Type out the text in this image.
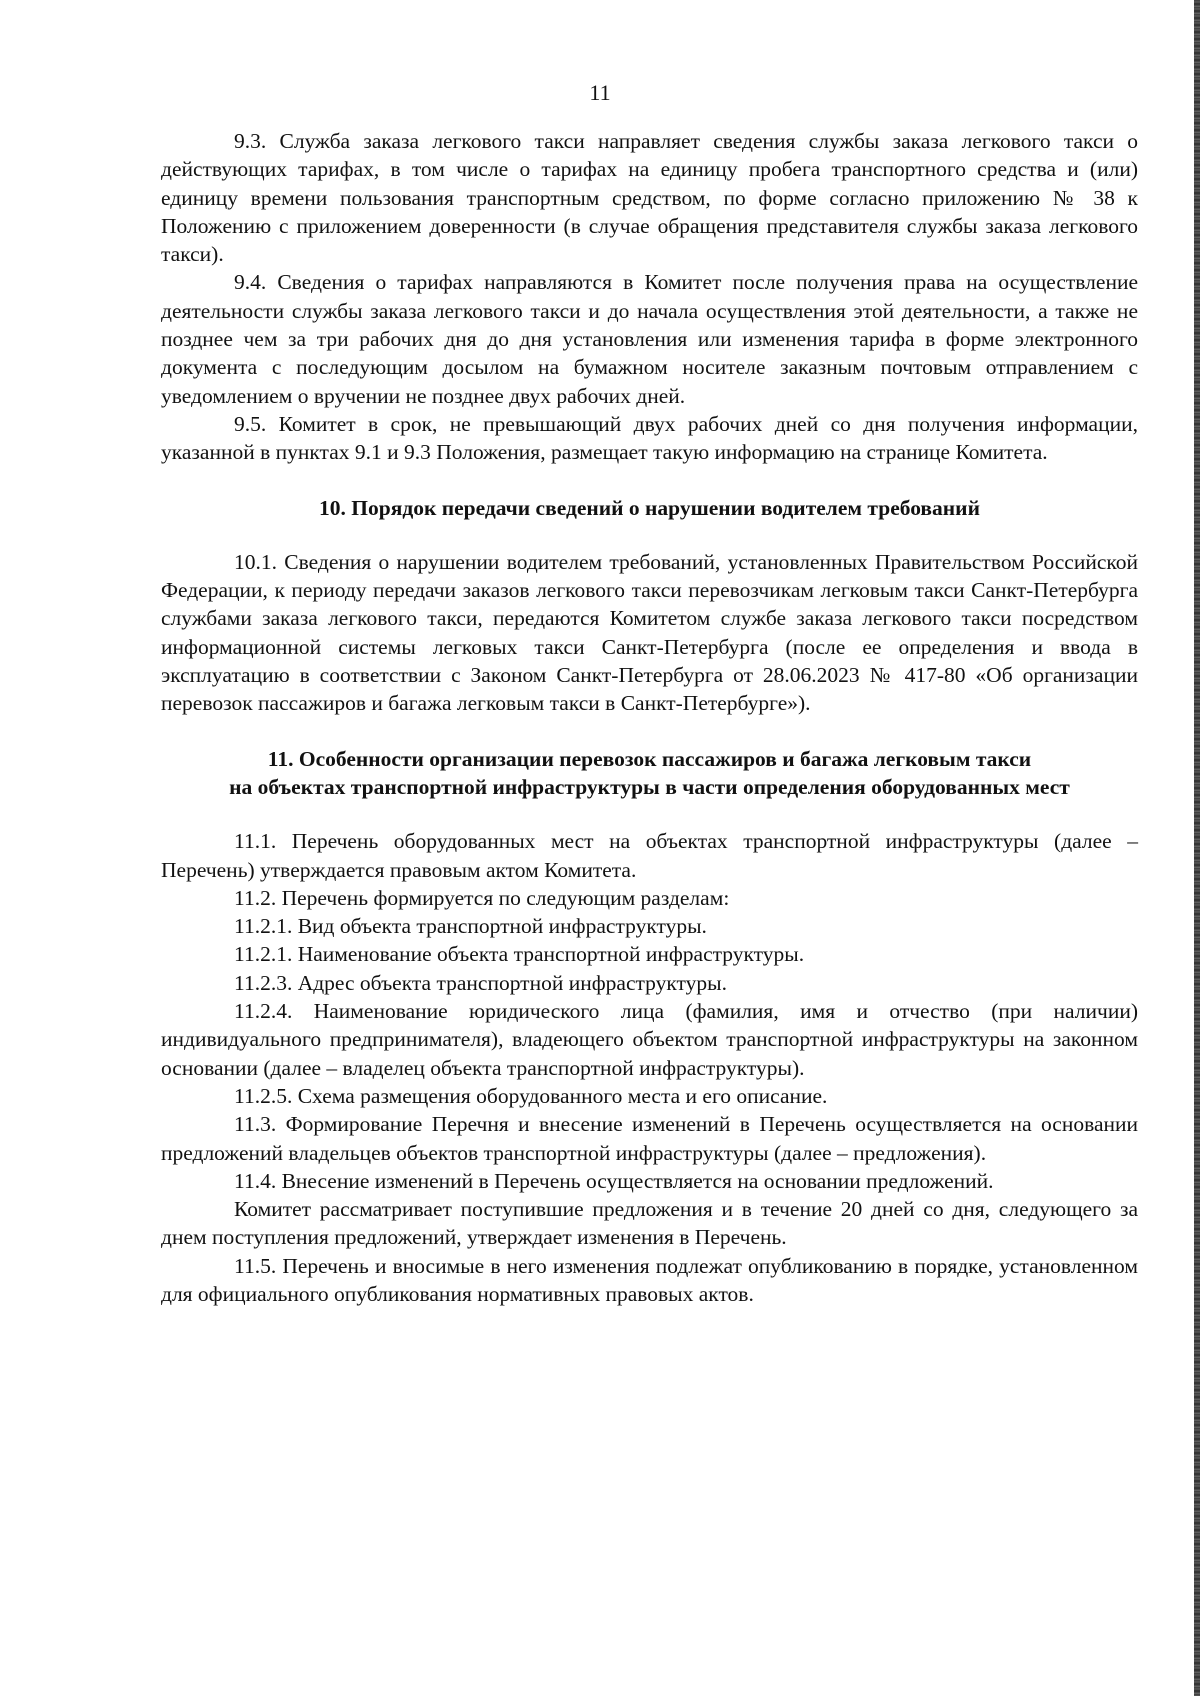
11

9.3. Служба заказа легкового такси направляет сведения службы заказа легкового такси о действующих тарифах, в том числе о тарифах на единицу пробега транспортного средства и (или) единицу времени пользования транспортным средством, по форме согласно приложению № 38 к Положению с приложением доверенности (в случае обращения представителя службы заказа легкового такси).

9.4. Сведения о тарифах направляются в Комитет после получения права на осуществление деятельности службы заказа легкового такси и до начала осуществления этой деятельности, а также не позднее чем за три рабочих дня до дня установления или изменения тарифа в форме электронного документа с последующим досылом на бумажном носителе заказным почтовым отправлением с уведомлением о вручении не позднее двух рабочих дней.

9.5. Комитет в срок, не превышающий двух рабочих дней со дня получения информации, указанной в пунктах 9.1 и 9.3 Положения, размещает такую информацию на странице Комитета.

10. Порядок передачи сведений о нарушении водителем требований

10.1. Сведения о нарушении водителем требований, установленных Правительством Российской Федерации, к периоду передачи заказов легкового такси перевозчикам легковым такси Санкт-Петербурга службами заказа легкового такси, передаются Комитетом службе заказа легкового такси посредством информационной системы легковых такси Санкт-Петербурга (после ее определения и ввода в эксплуатацию в соответствии с Законом Санкт-Петербурга от 28.06.2023 № 417-80 «Об организации перевозок пассажиров и багажа легковым такси в Санкт-Петербурге»).

11. Особенности организации перевозок пассажиров и багажа легковым такси

на объектах транспортной инфраструктуры в части определения оборудованных мест

11.1. Перечень оборудованных мест на объектах транспортной инфраструктуры (далее – Перечень) утверждается правовым актом Комитета.

11.2. Перечень формируется по следующим разделам:

11.2.1. Вид объекта транспортной инфраструктуры.

11.2.1. Наименование объекта транспортной инфраструктуры.

11.2.3. Адрес объекта транспортной инфраструктуры.

11.2.4. Наименование юридического лица (фамилия, имя и отчество (при наличии) индивидуального предпринимателя), владеющего объектом транспортной инфраструктуры на законном основании (далее – владелец объекта транспортной инфраструктуры).

11.2.5. Схема размещения оборудованного места и его описание.

11.3. Формирование Перечня и внесение изменений в Перечень осуществляется на основании предложений владельцев объектов транспортной инфраструктуры (далее – предложения).

11.4. Внесение изменений в Перечень осуществляется на основании предложений.

Комитет рассматривает поступившие предложения и в течение 20 дней со дня, следующего за днем поступления предложений, утверждает изменения в Перечень.

11.5. Перечень и вносимые в него изменения подлежат опубликованию в порядке, установленном для официального опубликования нормативных правовых актов.
